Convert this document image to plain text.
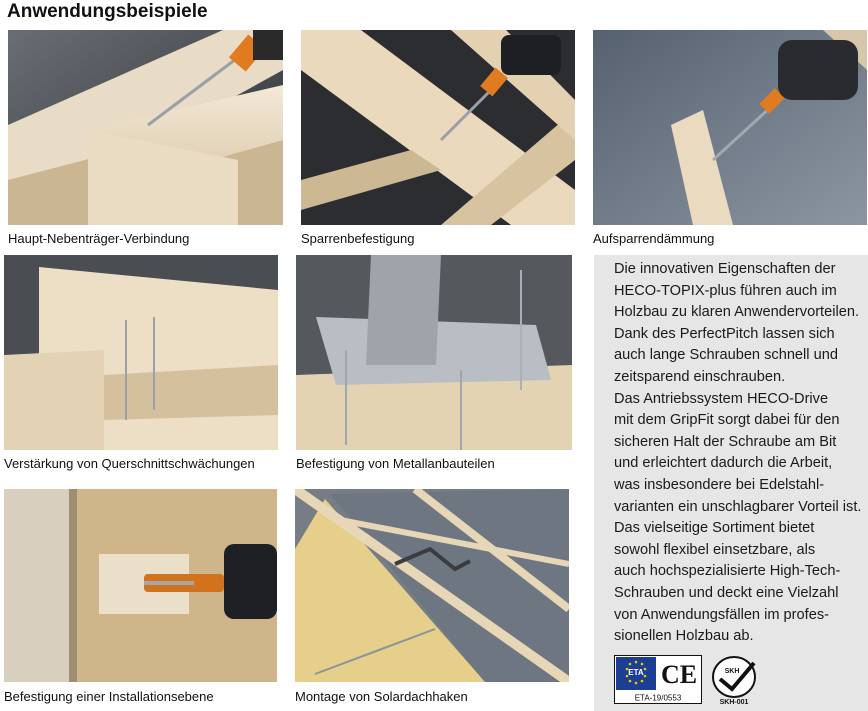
Anwendungsbeispiele
Haupt-Nebenträger-Verbindung	Sparrenbefestigung	Aufsparrendämmung
Verstärkung von Querschnittschwächungen	Befestigung von Metallanbauteilen
Befestigung einer Installationsebene	Montage von Solardachhaken
Die innovativen Eigenschaften der
HECO-TOPIX-plus führen auch im
Holzbau zu klaren Anwendervorteilen.
Dank des PerfectPitch lassen sich
auch lange Schrauben schnell und
zeitsparend einschrauben.
Das Antriebssystem HECO-Drive
mit dem GripFit sorgt dabei für den
sicheren Halt der Schraube am Bit
und erleichtert dadurch die Arbeit,
was insbesondere bei Edelstahl-
varianten ein unschlagbarer Vorteil ist.
Das vielseitige Sortiment bietet
sowohl flexibel einsetzbare, als
auch hochspezialisierte High-Tech-
Schrauben und deckt eine Vielzahl
von Anwendungsfällen im profes-
sionellen Holzbau ab.
ETA CE
ETA-19/0553
SKH
SKH-001
